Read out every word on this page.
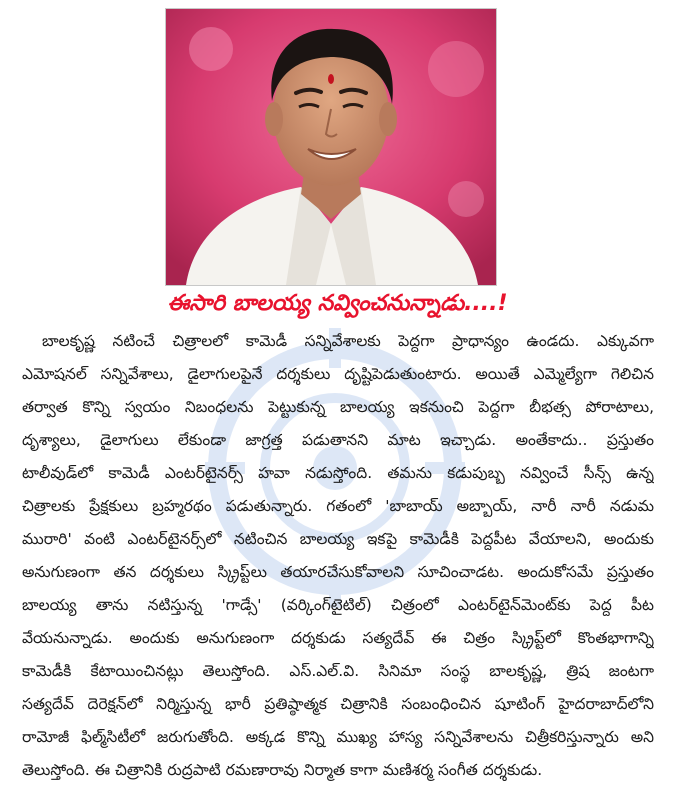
ఈసారి బాలయ్య నవ్వించనున్నాడు....!
బాలకృష్ణ నటించే చిత్రాలలో కామెడీ సన్నివేశాలకు పెద్దగా ప్రాధాన్యం ఉండదు. ఎక్కువగా
ఎమోషనల్ సన్నివేశాలు, డైలాగులపైనే దర్శకులు దృష్టిపెడుతుంటారు. అయితే ఎమ్మెల్యేగా గెలిచిన
తర్వాత కొన్ని స్వయం నిబంధలను పెట్టుకున్న బాలయ్య ఇకనుంచి పెద్దగా బీభత్స పోరాటాలు,
దృశ్యాలు, డైలాగులు లేకుండా జాగ్రత్త పడుతానని మాట ఇచ్చాడు. అంతేకాదు.. ప్రస్తుతం
టాలీవుడ్‌లో కామెడీ ఎంటర్‌టైనర్స్ హవా నడుస్తోంది. తమను కడుపుబ్బ నవ్వించే సీన్స్ ఉన్న
చిత్రాలకు ప్రేక్షకులు బ్రహ్మరథం పడుతున్నారు. గతంలో 'బాబాయ్ అబ్బాయ్, నారీ నారీ నడుమ
మురారి' వంటి ఎంటర్‌టైనర్స్‌లో నటించిన బాలయ్య ఇకపై కామెడీకి పెద్దపీట వేయాలని, అందుకు
అనుగుణంగా తన దర్శకులు స్క్రిప్ట్‌లు తయారచేసుకోవాలని సూచించాడట. అందుకోసమే ప్రస్తుతం
బాలయ్య తాను నటిస్తున్న 'గాడ్సే' (వర్కింగ్‌టైటిల్) చిత్రంలో ఎంటర్‌టైన్‌మెంట్‌కు పెద్ద పీట
వేయనున్నాడు. అందుకు అనుగుణంగా దర్శకుడు సత్యదేవ్ ఈ చిత్రం స్క్రిప్ట్‌లో కొంతభాగాన్ని
కామెడీకి కేటాయించినట్లు తెలుస్తోంది. ఎస్.ఎల్.వి. సినిమా సంస్థ బాలకృష్ణ, త్రిష జంటగా
సత్యదేవ్ దెరెక్షన్‌లో నిర్మిస్తున్న భారీ ప్రతిష్ఠాత్మక చిత్రానికి సంబంధించిన షూటింగ్ హైదరాబాద్‌లోని
రామోజీ ఫిల్మ్‌సిటీలో జరుగుతోంది. అక్కడ కొన్ని ముఖ్య హాస్య సన్నివేశాలను చిత్రీకరిస్తున్నారు అని
తెలుస్తోంది. ఈ చిత్రానికి రుద్రపాటి రమణారావు నిర్మాత కాగా మణిశర్మ సంగీత దర్శకుడు.
